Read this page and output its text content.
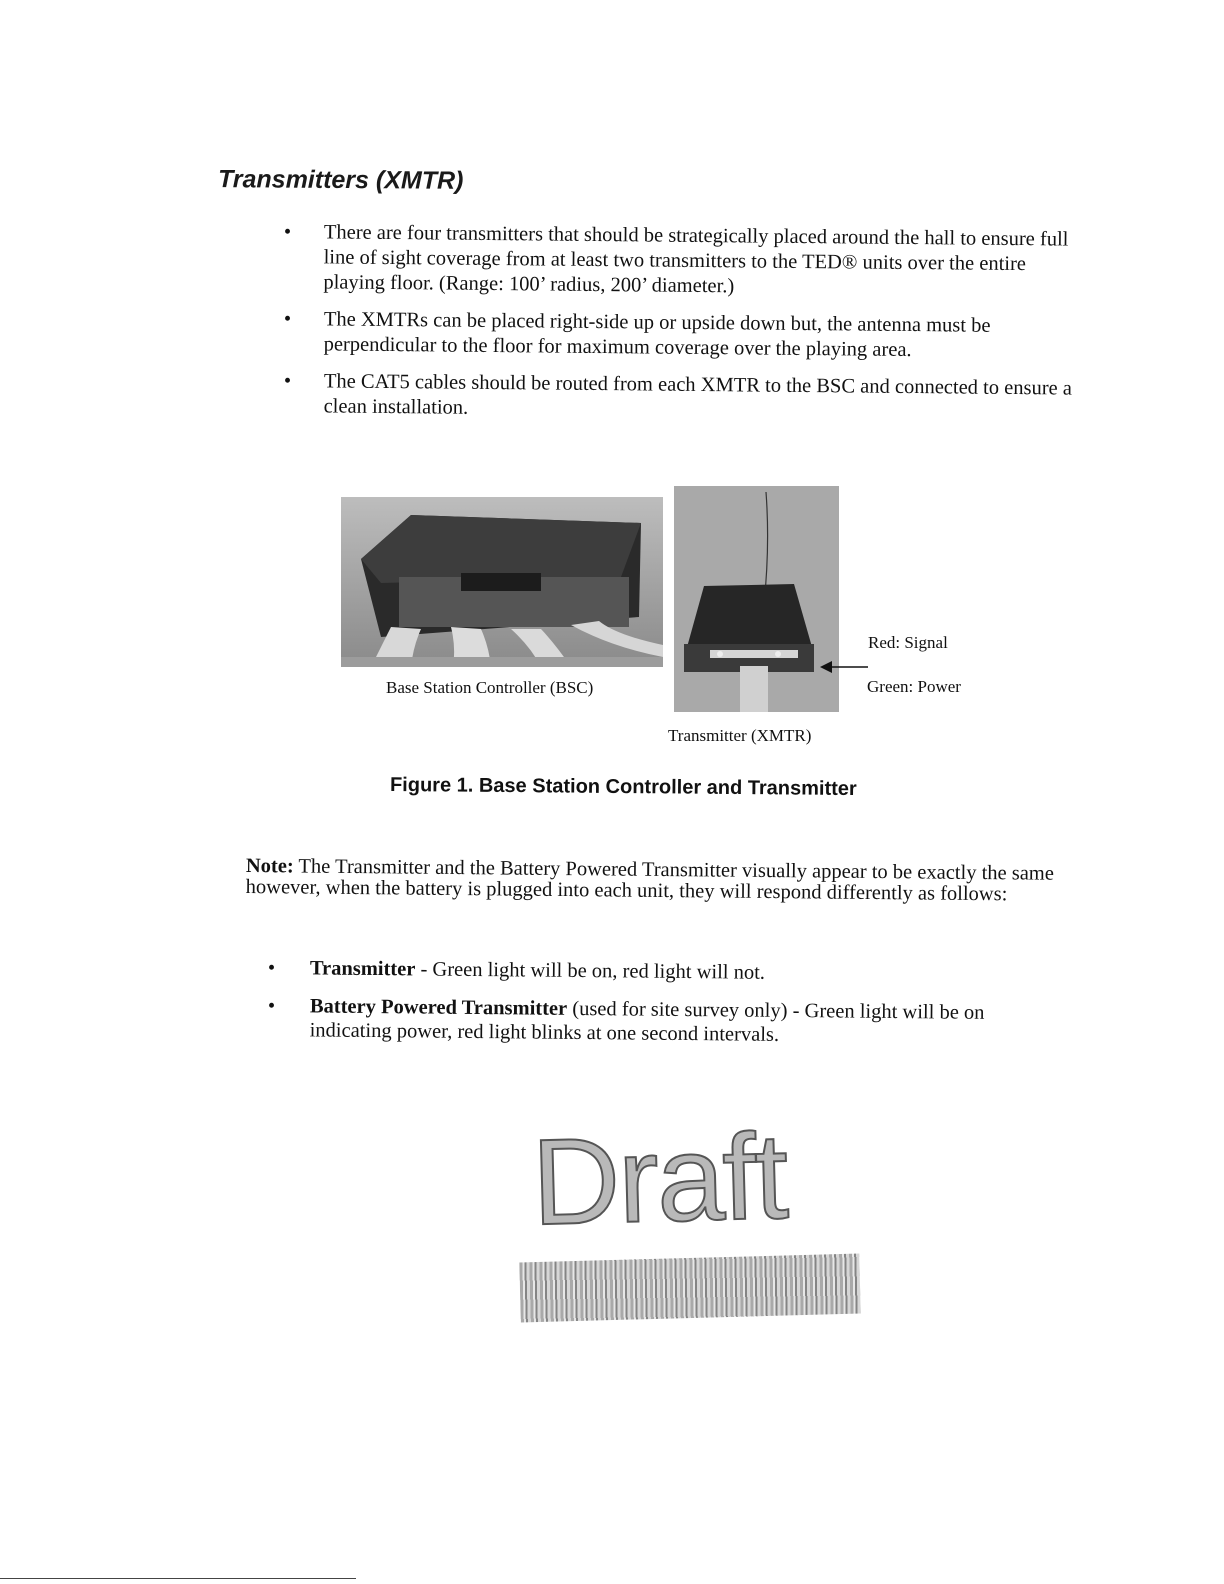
Transmitters (XMTR)
• There are four transmitters that should be strategically placed around the hall to ensure full line of sight coverage from at least two transmitters to the TED® units over the entire playing floor. (Range: 100’ radius, 200’ diameter.)
• The XMTRs can be placed right-side up or upside down but, the antenna must be perpendicular to the floor for maximum coverage over the playing area.
• The CAT5 cables should be routed from each XMTR to the BSC and connected to ensure a clean installation.
Base Station Controller (BSC)
Transmitter (XMTR)
Red: Signal
Green: Power
Figure 1. Base Station Controller and Transmitter
Note: The Transmitter and the Battery Powered Transmitter visually appear to be exactly the same however, when the battery is plugged into each unit, they will respond differently as follows:
• Transmitter - Green light will be on, red light will not.
• Battery Powered Transmitter (used for site survey only) - Green light will be on indicating power, red light blinks at one second intervals.
Draft
